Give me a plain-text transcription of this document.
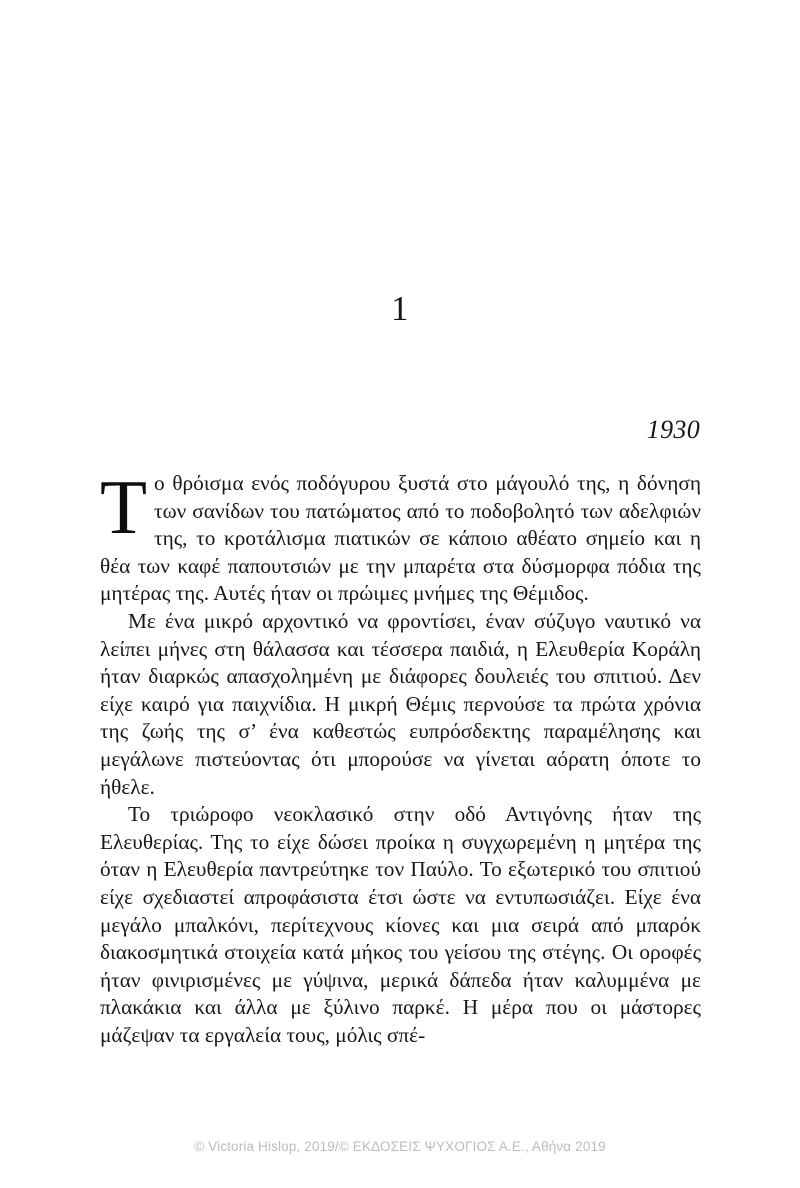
1
1930

Το θρόισμα ενός ποδόγυρου ξυστά στο μάγουλό της, η δόνηση των σανίδων του πατώματος από το ποδοβολητό των αδελφιών της, το κροτάλισμα πιατικών σε κάποιο αθέατο σημείο και η θέα των καφέ παπουτσιών με την μπαρέτα στα δύσμορφα πόδια της μητέρας της. Αυτές ήταν οι πρώιμες μνήμες της Θέμιδος.

Με ένα μικρό αρχοντικό να φροντίσει, έναν σύζυγο ναυτικό να λείπει μήνες στη θάλασσα και τέσσερα παιδιά, η Ελευθερία Κοράλη ήταν διαρκώς απασχολημένη με διάφορες δουλειές του σπιτιού. Δεν είχε καιρό για παιχνίδια. Η μικρή Θέμις περνούσε τα πρώτα χρόνια της ζωής της σ’ ένα καθεστώς ευπρόσδεκτης παραμέλησης και μεγάλωνε πιστεύοντας ότι μπορούσε να γίνεται αόρατη όποτε το ήθελε.

Το τριώροφο νεοκλασικό στην οδό Αντιγόνης ήταν της Ελευθερίας. Της το είχε δώσει προίκα η συγχωρεμένη η μητέρα της όταν η Ελευθερία παντρεύτηκε τον Παύλο. Το εξωτερικό του σπιτιού είχε σχεδιαστεί απροφάσιστα έτσι ώστε να εντυπωσιάζει. Είχε ένα μεγάλο μπαλκόνι, περίτεχνους κίονες και μια σειρά από μπαρόκ διακοσμητικά στοιχεία κατά μήκος του γείσου της στέγης. Οι οροφές ήταν φινιρισμένες με γύψινα, μερικά δάπεδα ήταν καλυμμένα με πλακάκια και άλλα με ξύλινο παρκέ. Η μέρα που οι μάστορες μάζεψαν τα εργαλεία τους, μόλις σπέ-

© Victoria Hislop, 2019/© ΕΚΔΟΣΕΙΣ ΨΥΧΟΓΙΟΣ Α.Ε., Αθήνα 2019
